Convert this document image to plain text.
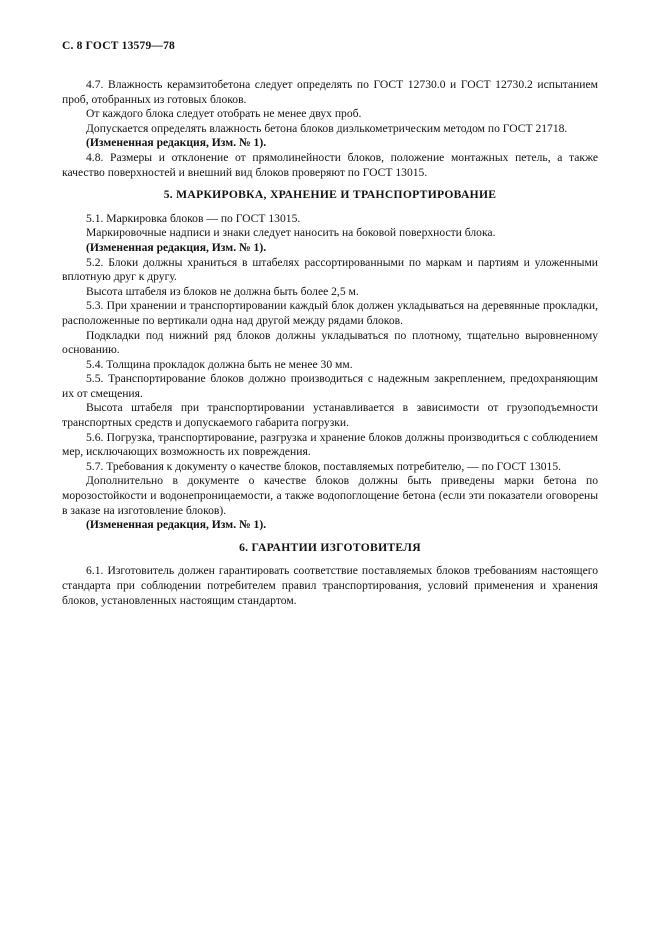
С. 8 ГОСТ 13579—78

4.7. Влажность керамзитобетона следует определять по ГОСТ 12730.0 и ГОСТ 12730.2 испытанием проб, отобранных из готовых блоков.

От каждого блока следует отобрать не менее двух проб.

Допускается определять влажность бетона блоков диэлькометрическим методом по ГОСТ 21718.

(Измененная редакция, Изм. № 1).

4.8. Размеры и отклонение от прямолинейности блоков, положение монтажных петель, а также качество поверхностей и внешний вид блоков проверяют по ГОСТ 13015.

5. МАРКИРОВКА, ХРАНЕНИЕ И ТРАНСПОРТИРОВАНИЕ

5.1. Маркировка блоков — по ГОСТ 13015.

Маркировочные надписи и знаки следует наносить на боковой поверхности блока.

(Измененная редакция, Изм. № 1).

5.2. Блоки должны храниться в штабелях рассортированными по маркам и партиям и уложенными вплотную друг к другу.

Высота штабеля из блоков не должна быть более 2,5 м.

5.3. При хранении и транспортировании каждый блок должен укладываться на деревянные прокладки, расположенные по вертикали одна над другой между рядами блоков.

Подкладки под нижний ряд блоков должны укладываться по плотному, тщательно выровненному основанию.

5.4. Толщина прокладок должна быть не менее 30 мм.

5.5. Транспортирование блоков должно производиться с надежным закреплением, предохраняющим их от смещения.

Высота штабеля при транспортировании устанавливается в зависимости от грузоподъемности транспортных средств и допускаемого габарита погрузки.

5.6. Погрузка, транспортирование, разгрузка и хранение блоков должны производиться с соблюдением мер, исключающих возможность их повреждения.

5.7. Требования к документу о качестве блоков, поставляемых потребителю, — по ГОСТ 13015.

Дополнительно в документе о качестве блоков должны быть приведены марки бетона по морозостойкости и водонепроницаемости, а также водопоглощение бетона (если эти показатели оговорены в заказе на изготовление блоков).

(Измененная редакция, Изм. № 1).

6. ГАРАНТИИ ИЗГОТОВИТЕЛЯ

6.1. Изготовитель должен гарантировать соответствие поставляемых блоков требованиям настоящего стандарта при соблюдении потребителем правил транспортирования, условий применения и хранения блоков, установленных настоящим стандартом.
